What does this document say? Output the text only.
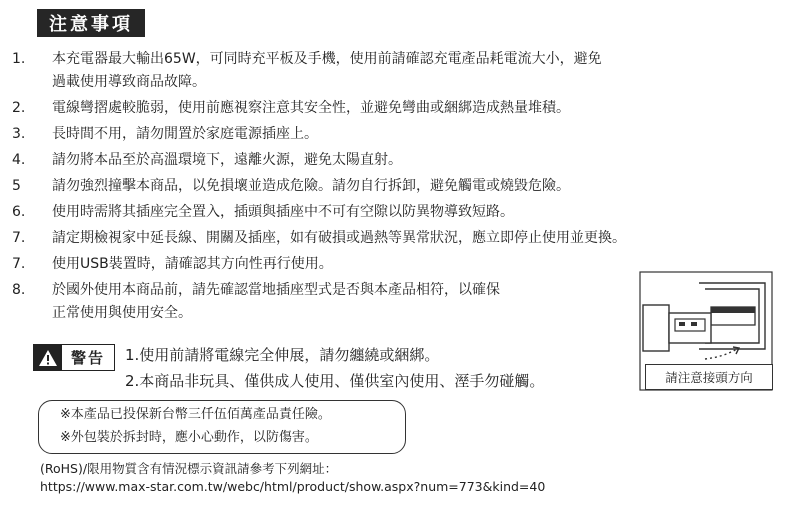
注意事項
1.	本充電器最大輸出65W，可同時充平板及手機，使用前請確認充電產品耗電流大小，避免
過載使用導致商品故障。
2.	電線彎摺處較脆弱，使用前應視察注意其安全性，並避免彎曲或綑綁造成熱量堆積。
3.	長時間不用，請勿閒置於家庭電源插座上。
4.	請勿將本品至於高溫環境下，遠離火源，避免太陽直射。
5	請勿強烈撞擊本商品，以免損壞並造成危險。請勿自行拆卸，避免觸電或燒毀危險。
6.	使用時需將其插座完全置入，插頭與插座中不可有空隙以防異物導致短路。
7.	請定期檢視家中延長線、開關及插座，如有破損或過熱等異常狀況，應立即停止使用並更換。
7.	使用USB裝置時，請確認其方向性再行使用。
8.	於國外使用本商品前，請先確認當地插座型式是否與本產品相符，以確保
正常使用與使用安全。
請注意接頭方向
警告	1.使用前請將電線完全伸展，請勿纏繞或綑綁。
2.本商品非玩具、僅供成人使用、僅供室內使用、溼手勿碰觸。
※本產品已投保新台幣三仟伍佰萬產品責任險。
※外包裝於拆封時，應小心動作，以防傷害。
(RoHS)/限用物質含有情況標示資訊請參考下列網址：
https://www.max-star.com.tw/webc/html/product/show.aspx?num=773&kind=40
